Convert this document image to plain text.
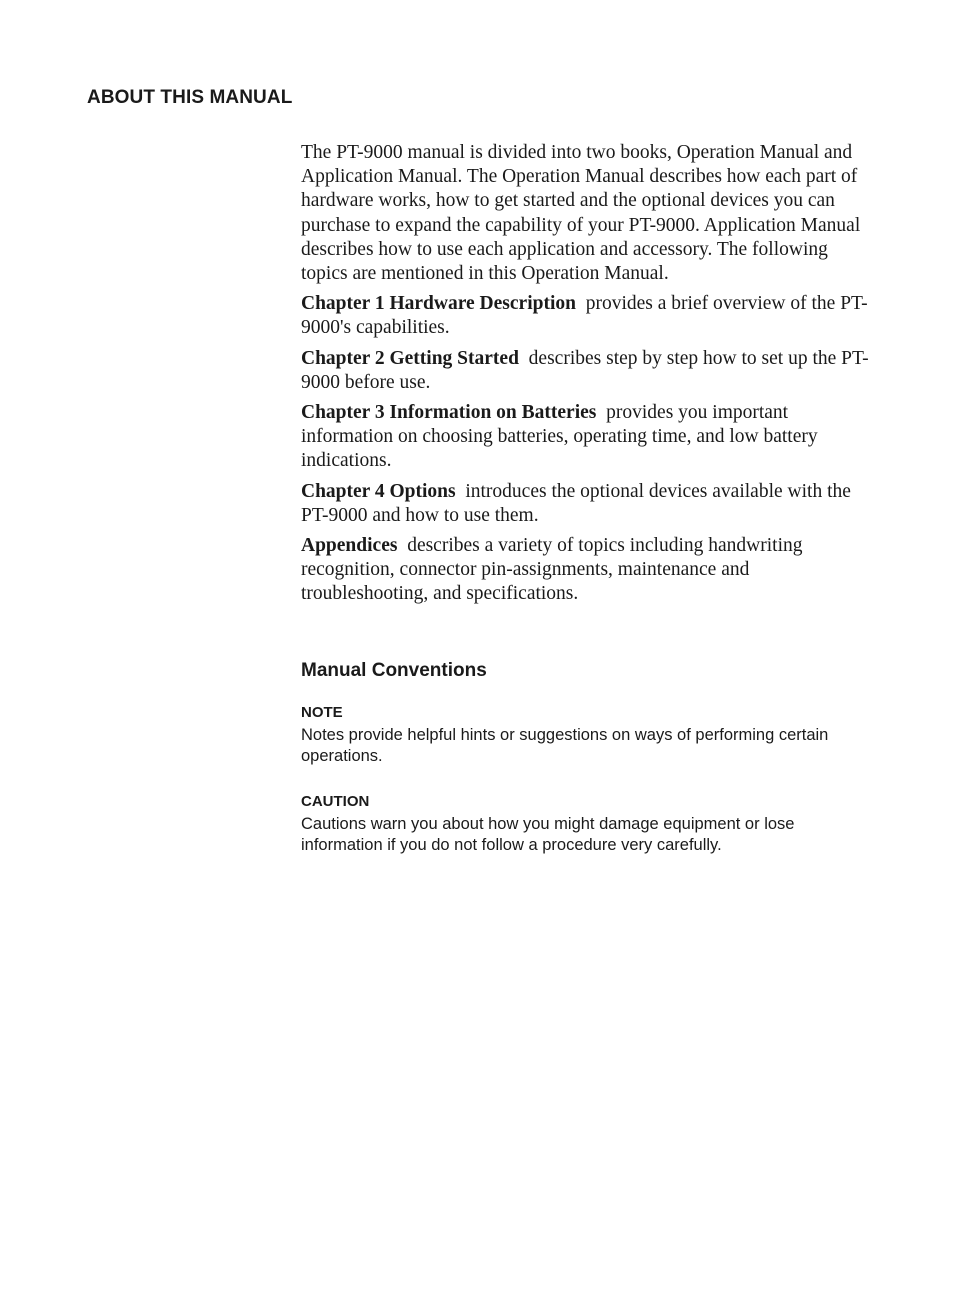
ABOUT THIS MANUAL

The PT-9000 manual is divided into two books, Operation Manual and Application Manual. The Operation Manual describes how each part of hardware works, how to get started and the optional devices you can purchase to expand the capability of your PT-9000. Application Manual describes how to use each application and accessory. The following topics are mentioned in this Operation Manual.

Chapter 1 Hardware Description provides a brief overview of the PT-9000's capabilities.

Chapter 2 Getting Started describes step by step how to set up the PT-9000 before use.

Chapter 3 Information on Batteries provides you important information on choosing batteries, operating time, and low battery indications.

Chapter 4 Options introduces the optional devices available with the PT-9000 and how to use them.

Appendices describes a variety of topics including handwriting recognition, connector pin-assignments, maintenance and troubleshooting, and specifications.

Manual Conventions
NOTE

Notes provide helpful hints or suggestions on ways of performing certain operations.

CAUTION

Cautions warn you about how you might damage equipment or lose information if you do not follow a procedure very carefully.
